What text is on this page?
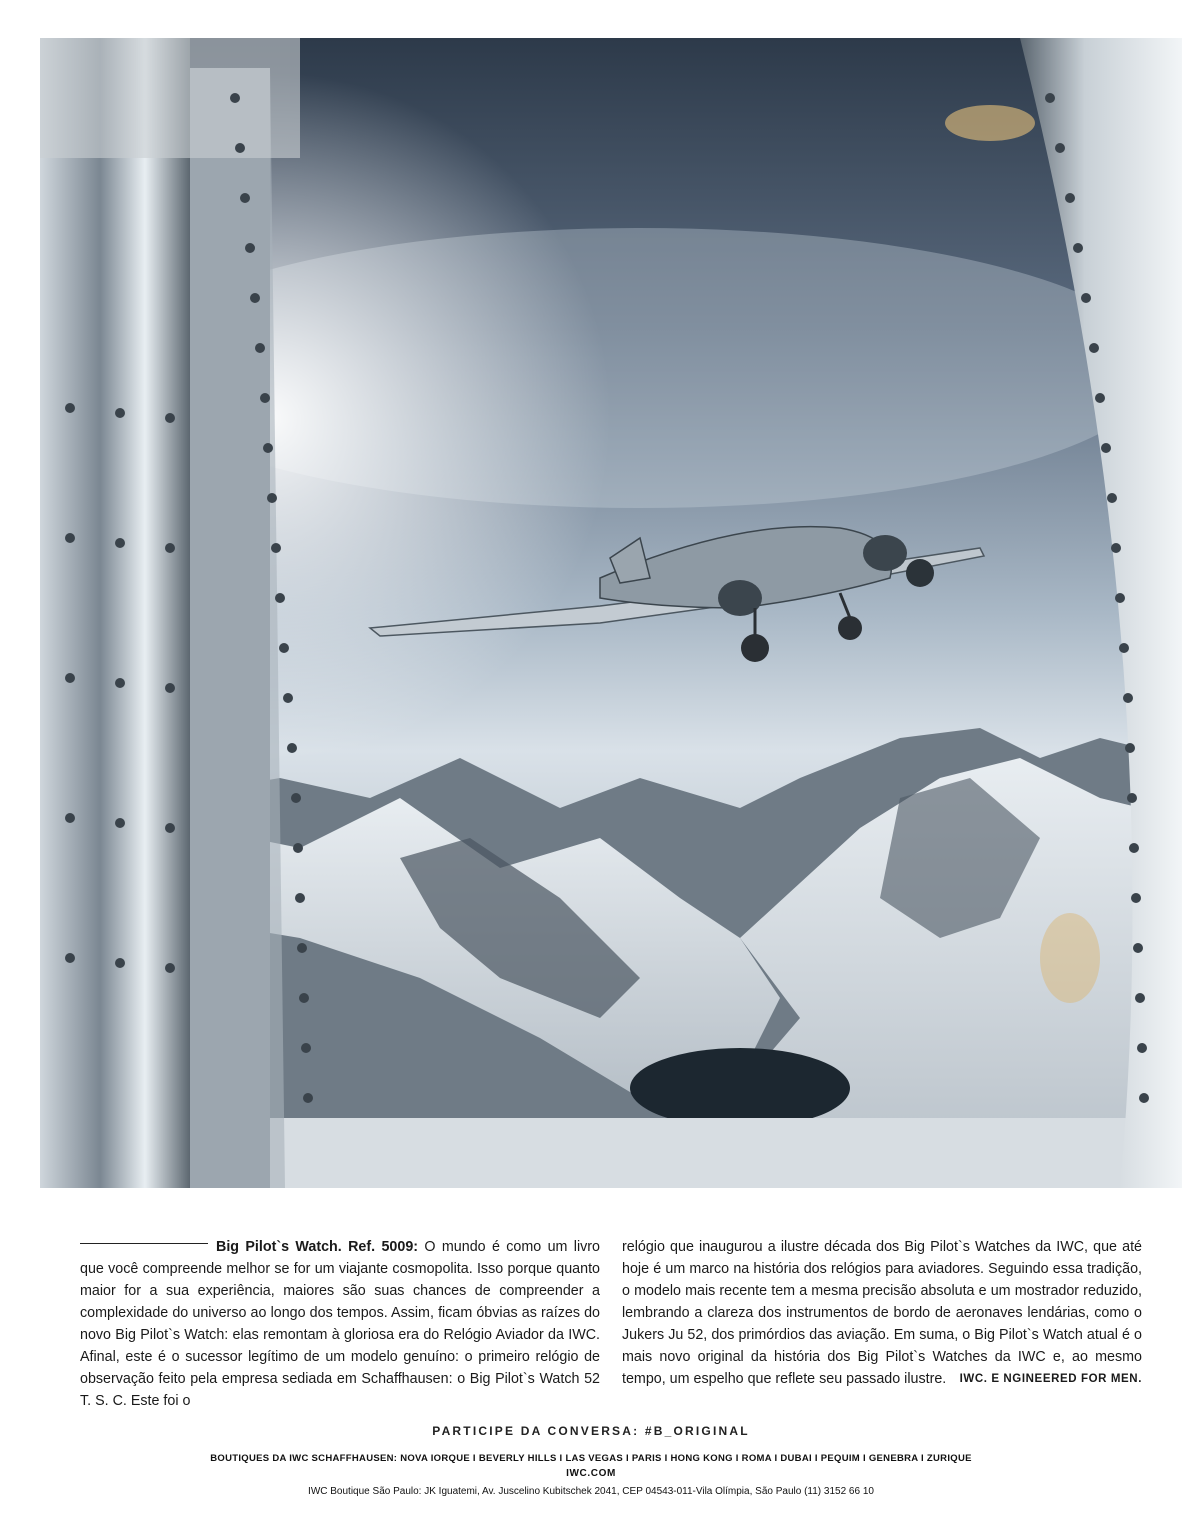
Big Pilot`s Watch. Ref. 5009: O mundo é como um livro que você compreende melhor se for um viajante cosmopolita. Isso porque quanto maior for a sua experiência, maiores são suas chances de compreender a complexidade do universo ao longo dos tempos. Assim, ficam óbvias as raízes do novo Big Pilot`s Watch: elas remontam à gloriosa era do Relógio Aviador da IWC. Afinal, este é o sucessor legítimo de um modelo genuíno: o primeiro relógio de observação feito pela empresa sediada em Schaffhausen: o Big Pilot`s Watch 52 T. S. C. Este foi o
relógio que inaugurou a ilustre década dos Big Pilot`s Watches da IWC, que até hoje é um marco na história dos relógios para aviadores. Seguindo essa tradição, o modelo mais recente tem a mesma precisão absoluta e um mostrador reduzido, lembrando a clareza dos instrumentos de bordo de aeronaves lendárias, como o Jukers Ju 52, dos primórdios das aviação. Em suma, o Big Pilot`s Watch atual é o mais novo original da história dos Big Pilot`s Watches da IWC e, ao mesmo tempo, um espelho que reflete seu passado ilustre. IWC. E NGINEERED FOR MEN.
PARTICIPE DA CONVERSA: #B_ORIGINAL
BOUTIQUES DA IWC SCHAFFHAUSEN: NOVA IORQUE I BEVERLY HILLS I LAS VEGAS I PARIS I HONG KONG I ROMA I DUBAI I PEQUIM I GENEBRA I ZURIQUE
IWC.COM
IWC Boutique São Paulo: JK Iguatemi, Av. Juscelino Kubitschek 2041, CEP 04543-011-Vila Olímpia, São Paulo (11) 3152 66 10
